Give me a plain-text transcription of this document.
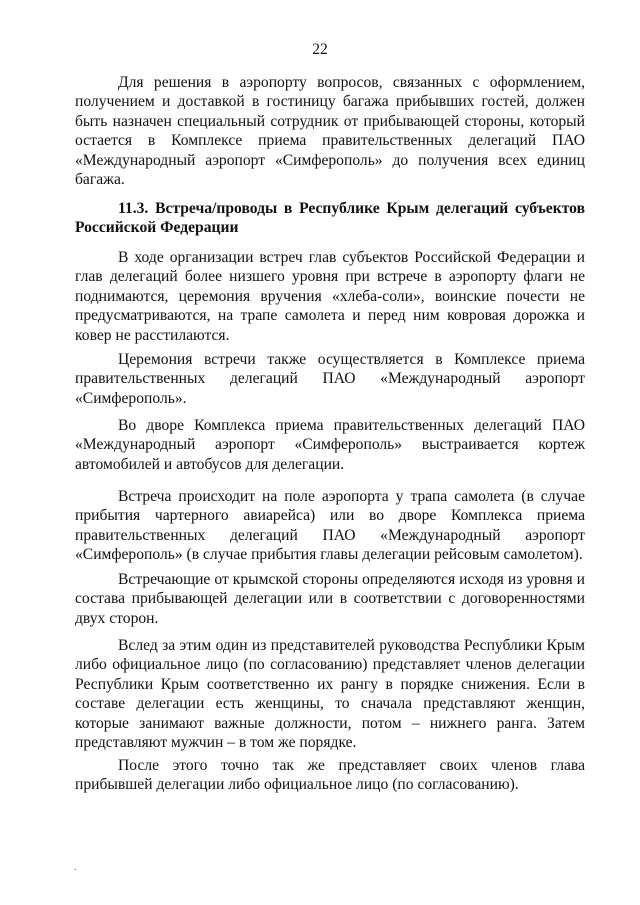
22

Для решения в аэропорту вопросов, связанных с оформлением, получением и доставкой в гостиницу багажа прибывших гостей, должен быть назначен специальный сотрудник от прибывающей стороны, который остается в Комплексе приема правительственных делегаций ПАО «Международный аэропорт «Симферополь» до получения всех единиц багажа.

11.3. Встреча/проводы в Республике Крым делегаций субъектов Российской Федерации

В ходе организации встреч глав субъектов Российской Федерации и глав делегаций более низшего уровня при встрече в аэропорту флаги не поднимаются, церемония вручения «хлеба-соли», воинские почести не предусматриваются, на трапе самолета и перед ним ковровая дорожка и ковер не расстилаются.

Церемония встречи также осуществляется в Комплексе приема правительственных делегаций ПАО «Международный аэропорт «Симферополь».

Во дворе Комплекса приема правительственных делегаций ПАО «Международный аэропорт «Симферополь» выстраивается кортеж автомобилей и автобусов для делегации.

Встреча происходит на поле аэропорта у трапа самолета (в случае прибытия чартерного авиарейса) или во дворе Комплекса приема правительственных делегаций ПАО «Международный аэропорт «Симферополь» (в случае прибытия главы делегации рейсовым самолетом).

Встречающие от крымской стороны определяются исходя из уровня и состава прибывающей делегации или в соответствии с договоренностями двух сторон.

Вслед за этим один из представителей руководства Республики Крым либо официальное лицо (по согласованию) представляет членов делегации Республики Крым соответственно их рангу в порядке снижения. Если в составе делегации есть женщины, то сначала представляют женщин, которые занимают важные должности, потом – нижнего ранга. Затем представляют мужчин – в том же порядке.

После этого точно так же представляет своих членов глава прибывшей делегации либо официальное лицо (по согласованию).

.
